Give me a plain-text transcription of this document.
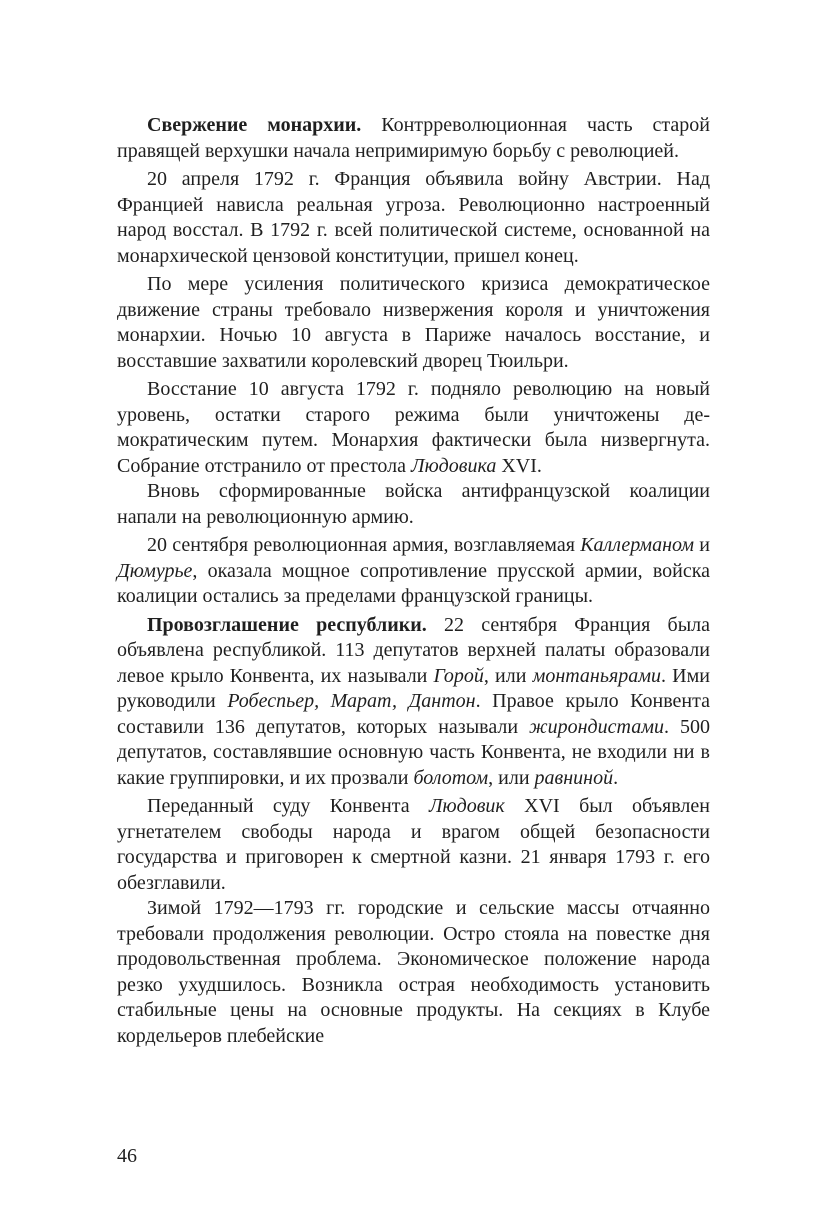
Свержение монархии. Контрреволюционная часть старой правящей верхушки начала непримиримую борьбу с революцией.

20 апреля 1792 г. Франция объявила войну Австрии. Над Францией нависла реальная угроза. Революционно настроенный народ восстал. В 1792 г. всей политической системе, основанной на монархической цензовой конституции, пришел конец.

По мере усиления политического кризиса демократическое движение страны требовало низвержения короля и уничтожения монархии. Ночью 10 августа в Париже началось восстание, и восставшие захватили королевский дворец Тюильри.

Восстание 10 августа 1792 г. подняло революцию на новый уровень, остатки старого режима были уничтожены демократическим путем. Монархия фактически была низвергнута. Собрание отстранило от престола Людовика XVI.

Вновь сформированные войска антифранцузской коалиции напали на революционную армию.

20 сентября революционная армия, возглавляемая Каллерманом и Дюмурье, оказала мощное сопротивление прусской армии, войска коалиции остались за пределами французской границы.

Провозглашение республики. 22 сентября Франция была объявлена республикой. 113 депутатов верхней палаты образовали левое крыло Конвента, их называли Горой, или монтаньярами. Ими руководили Робеспьер, Марат, Дантон. Правое крыло Конвента составили 136 депутатов, которых называли жирондистами. 500 депутатов, составлявшие основную часть Конвента, не входили ни в какие группировки, и их прозвали болотом, или равниной.

Переданный суду Конвента Людовик XVI был объявлен угнетателем свободы народа и врагом общей безопасности государства и приговорен к смертной казни. 21 января 1793 г. его обезглавили.

Зимой 1792—1793 гг. городские и сельские массы отчаянно требовали продолжения революции. Остро стояла на повестке дня продовольственная проблема. Экономическое положение народа резко ухудшилось. Возникла острая необходимость установить стабильные цены на основные продукты. На секциях в Клубе кордельеров плебейские

46
